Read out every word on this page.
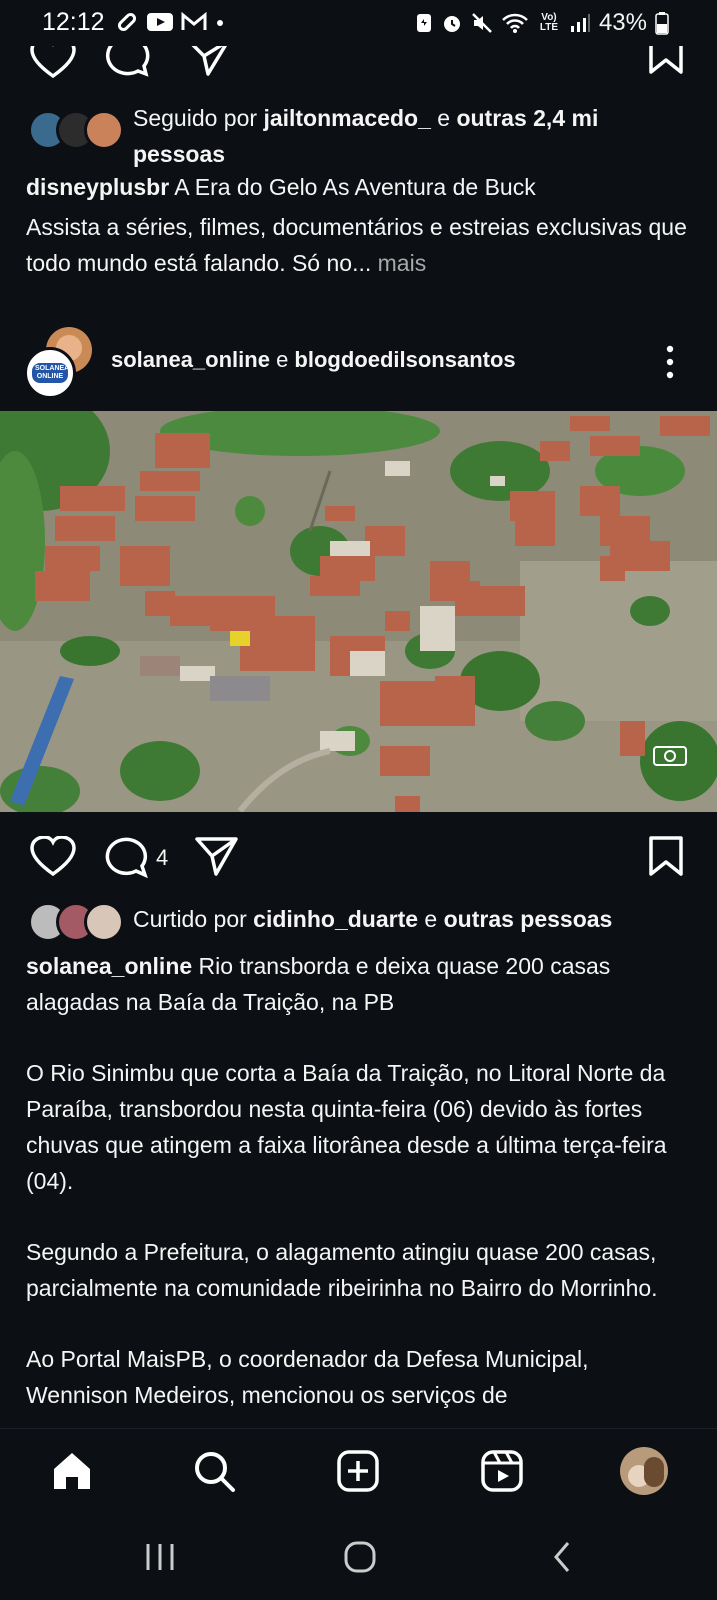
12:12	Vo) LTE 43%
Seguido por jailtonmacedo_ e outras 2,4 mi pessoas

disneyplusbr A Era do Gelo As Aventura de Buck

Assista a séries, filmes, documentários e estreias exclusivas que todo mundo está falando. Só no... mais

SOLANEA ONLINE
solanea_online e blogdoedilsonsantos
4
Curtido por cidinho_duarte e outras pessoas

solanea_online Rio transborda e deixa quase 200 casas alagadas na Baía da Traição, na PB

O Rio Sinimbu que corta a Baía da Traição, no Litoral Norte da Paraíba, transbordou nesta quinta-feira (06) devido às fortes chuvas que atingem a faixa litorânea desde a última terça-feira (04).

Segundo a Prefeitura, o alagamento atingiu quase 200 casas, parcialmente na comunidade ribeirinha no Bairro do Morrinho.

Ao Portal MaisPB, o coordenador da Defesa Municipal, Wennison Medeiros, mencionou os serviços de
